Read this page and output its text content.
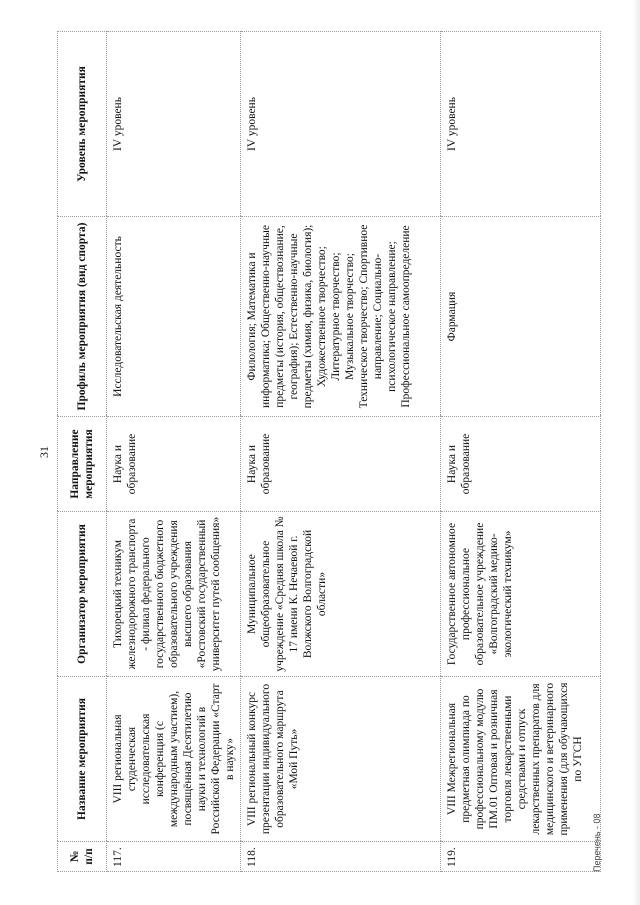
31
№ п/п	Название мероприятия	Организатор мероприятия	Направление мероприятия	Профиль мероприятия (вид спорта)	Уровень мероприятия
117.	VIII региональная студенческая исследовательская конференция (с международным участием), посвящённая Десятилетию науки и технологий в Российской Федерации «Старт в науку»	Тихорецкий техникум железнодорожного транспорта - филиал федерального государственного бюджетного образовательного учреждения высшего образования «Ростовский государственный университет путей сообщения»	Наука и образование	Исследовательская деятельность	IV уровень
118.	VIII региональный конкурс презентации индивидуального образовательного маршрута «Мой Путь»	Муниципальное общеобразовательное учреждение «Средняя школа № 17 имени К. Нечаевой г. Волжского Волгоградской области»	Наука и образование	Филология; Математика и информатика; Общественно-научные предметы (история, обществознание, география); Естественно-научные предметы (химия, физика, биология); Художественное творчество; Литературное творчество; Музыкальное творчество; Техническое творчество; Спортивное направление; Социально-психологическое направление; Профессиональное самоопределение	IV уровень
119.	VIII Межрегиональная предметная олимпиада по профессиональному модулю ПМ.01 Оптовая и розничная торговля лекарственными средствами и отпуск лекарственных препаратов для медицинского и ветеринарного применения (для обучающихся по УГСН	Государственное автономное профессиональное образовательное учреждение «Волгоградский медико-экологический техникум»	Наука и образование	Фармация	IV уровень
Перечень - 08
